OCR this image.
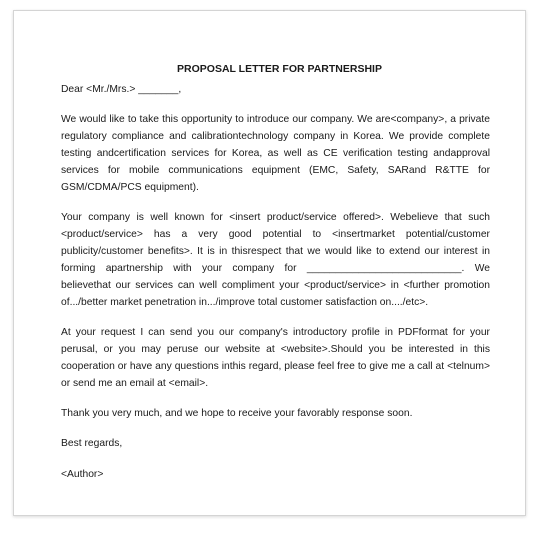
PROPOSAL LETTER FOR PARTNERSHIP
Dear <Mr./Mrs.> _______,
We would like to take this opportunity to introduce our company. We are<company>, a private regulatory compliance and calibrationtechnology company in Korea. We provide complete testing andcertification services for Korea, as well as CE verification testing andapproval services for mobile communications equipment (EMC, Safety, SARand R&TTE for GSM/CDMA/PCS equipment).
Your company is well known for <insert product/service offered>. Webelieve that such <product/service> has a very good potential to <insertmarket potential/customer publicity/customer benefits>. It is in thisrespect that we would like to extend our interest in forming apartnership with your company for ___________________________. We believethat our services can well compliment your <product/service> in <further promotion of.../better market penetration in.../improve total customer satisfaction on..../etc>.
At your request I can send you our company's introductory profile in PDFformat for your perusal, or you may peruse our website at <website>.Should you be interested in this cooperation or have any questions inthis regard, please feel free to give me a call at <telnum> or send me an email at <email>.
Thank you very much, and we hope to receive your favorably response soon.
Best regards,
<Author>
